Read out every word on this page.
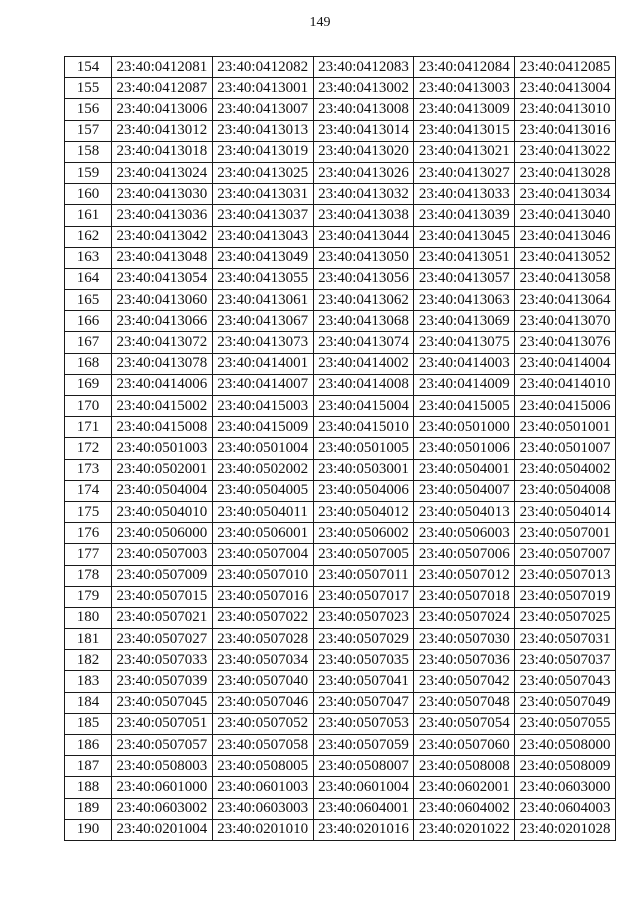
149
154	23:40:0412081	23:40:0412082	23:40:0412083	23:40:0412084	23:40:0412085
155	23:40:0412087	23:40:0413001	23:40:0413002	23:40:0413003	23:40:0413004
156	23:40:0413006	23:40:0413007	23:40:0413008	23:40:0413009	23:40:0413010
157	23:40:0413012	23:40:0413013	23:40:0413014	23:40:0413015	23:40:0413016
158	23:40:0413018	23:40:0413019	23:40:0413020	23:40:0413021	23:40:0413022
159	23:40:0413024	23:40:0413025	23:40:0413026	23:40:0413027	23:40:0413028
160	23:40:0413030	23:40:0413031	23:40:0413032	23:40:0413033	23:40:0413034
161	23:40:0413036	23:40:0413037	23:40:0413038	23:40:0413039	23:40:0413040
162	23:40:0413042	23:40:0413043	23:40:0413044	23:40:0413045	23:40:0413046
163	23:40:0413048	23:40:0413049	23:40:0413050	23:40:0413051	23:40:0413052
164	23:40:0413054	23:40:0413055	23:40:0413056	23:40:0413057	23:40:0413058
165	23:40:0413060	23:40:0413061	23:40:0413062	23:40:0413063	23:40:0413064
166	23:40:0413066	23:40:0413067	23:40:0413068	23:40:0413069	23:40:0413070
167	23:40:0413072	23:40:0413073	23:40:0413074	23:40:0413075	23:40:0413076
168	23:40:0413078	23:40:0414001	23:40:0414002	23:40:0414003	23:40:0414004
169	23:40:0414006	23:40:0414007	23:40:0414008	23:40:0414009	23:40:0414010
170	23:40:0415002	23:40:0415003	23:40:0415004	23:40:0415005	23:40:0415006
171	23:40:0415008	23:40:0415009	23:40:0415010	23:40:0501000	23:40:0501001
172	23:40:0501003	23:40:0501004	23:40:0501005	23:40:0501006	23:40:0501007
173	23:40:0502001	23:40:0502002	23:40:0503001	23:40:0504001	23:40:0504002
174	23:40:0504004	23:40:0504005	23:40:0504006	23:40:0504007	23:40:0504008
175	23:40:0504010	23:40:0504011	23:40:0504012	23:40:0504013	23:40:0504014
176	23:40:0506000	23:40:0506001	23:40:0506002	23:40:0506003	23:40:0507001
177	23:40:0507003	23:40:0507004	23:40:0507005	23:40:0507006	23:40:0507007
178	23:40:0507009	23:40:0507010	23:40:0507011	23:40:0507012	23:40:0507013
179	23:40:0507015	23:40:0507016	23:40:0507017	23:40:0507018	23:40:0507019
180	23:40:0507021	23:40:0507022	23:40:0507023	23:40:0507024	23:40:0507025
181	23:40:0507027	23:40:0507028	23:40:0507029	23:40:0507030	23:40:0507031
182	23:40:0507033	23:40:0507034	23:40:0507035	23:40:0507036	23:40:0507037
183	23:40:0507039	23:40:0507040	23:40:0507041	23:40:0507042	23:40:0507043
184	23:40:0507045	23:40:0507046	23:40:0507047	23:40:0507048	23:40:0507049
185	23:40:0507051	23:40:0507052	23:40:0507053	23:40:0507054	23:40:0507055
186	23:40:0507057	23:40:0507058	23:40:0507059	23:40:0507060	23:40:0508000
187	23:40:0508003	23:40:0508005	23:40:0508007	23:40:0508008	23:40:0508009
188	23:40:0601000	23:40:0601003	23:40:0601004	23:40:0602001	23:40:0603000
189	23:40:0603002	23:40:0603003	23:40:0604001	23:40:0604002	23:40:0604003
190	23:40:0201004	23:40:0201010	23:40:0201016	23:40:0201022	23:40:0201028
